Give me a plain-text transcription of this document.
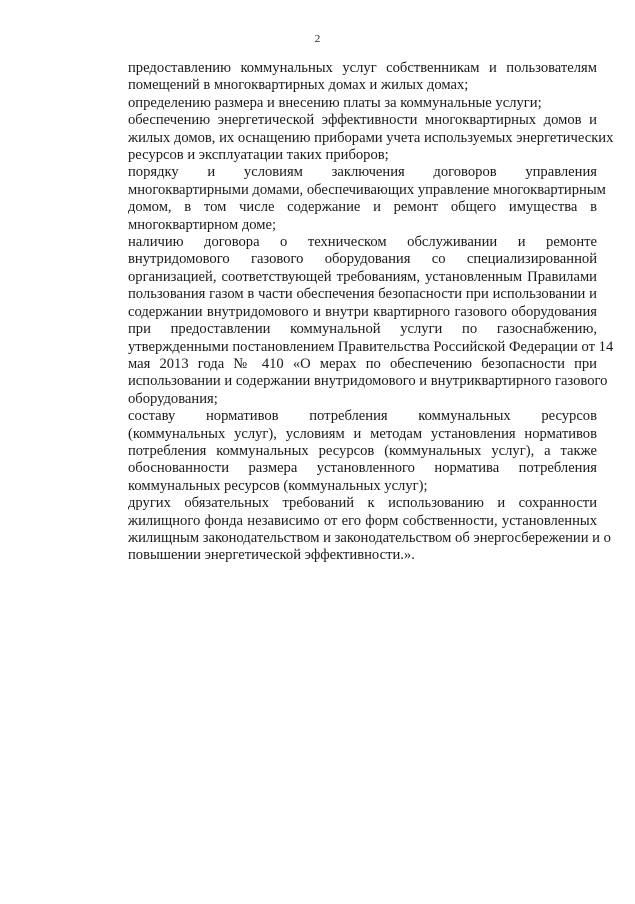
2

предоставлению коммунальных услуг собственникам и пользователям
помещений в многоквартирных домах и жилых домах;

определению размера и внесению платы за коммунальные услуги;

обеспечению энергетической эффективности многоквартирных домов и
жилых домов, их оснащению приборами учета используемых энергетических
ресурсов и эксплуатации таких приборов;

порядку и условиям заключения договоров управления
многоквартирными домами, обеспечивающих управление многоквартирным
домом, в том числе содержание и ремонт общего имущества в
многоквартирном доме;

наличию договора о техническом обслуживании и ремонте
внутридомового газового оборудования со специализированной
организацией, соответствующей требованиям, установленным Правилами
пользования газом в части обеспечения безопасности при использовании и
содержании внутридомового и внутри квартирного газового оборудования
при предоставлении коммунальной услуги по газоснабжению,
утвержденными постановлением Правительства Российской Федерации от 14
мая 2013 года № 410 «О мерах по обеспечению безопасности при
использовании и содержании внутридомового и внутриквартирного газового
оборудования;

составу нормативов потребления коммунальных ресурсов
(коммунальных услуг), условиям и методам установления нормативов
потребления коммунальных ресурсов (коммунальных услуг), а также
обоснованности размера установленного норматива потребления
коммунальных ресурсов (коммунальных услуг);

других обязательных требований к использованию и сохранности
жилищного фонда независимо от его форм собственности, установленных
жилищным законодательством и законодательством об энергосбережении и о
повышении энергетической эффективности.».
